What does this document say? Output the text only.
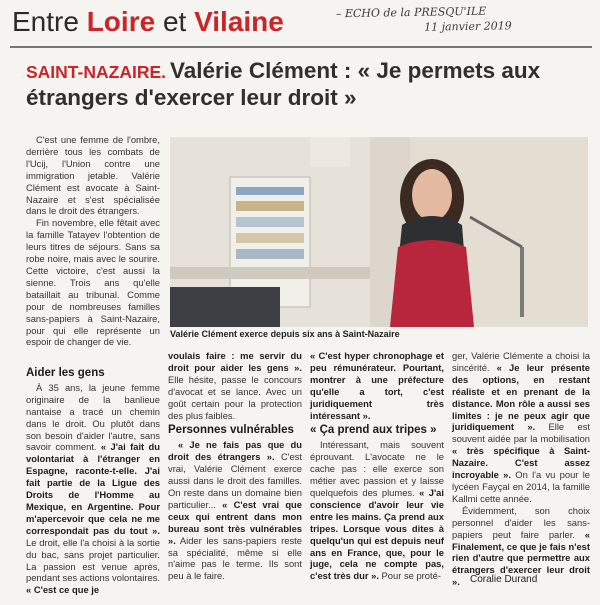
Entre Loire et Vilaine	– ECHO de la PRESQU'ILE
11 janvier 2019
SAINT-NAZAIRE. Valérie Clément : « Je permets aux étrangers d'exercer leur droit »

C'est une femme de l'ombre, derrière tous les combats de l'Ucij, l'Union contre une immigration jetable. Valérie Clément est avocate à Saint-Nazaire et s'est spécialisée dans le droit des étrangers.

Fin novembre, elle fêtait avec la famille Tatayev l'obtention de leurs titres de séjours. Sans sa robe noire, mais avec le sourire. Cette victoire, c'est aussi la sienne. Trois ans qu'elle bataillait au tribunal. Comme pour de nombreuses familles sans-papiers à Saint-Nazaire, pour qui elle représente un espoir de changer de vie.

Valérie Clément exerce depuis six ans à Saint-Nazaire
Aider les gens

À 35 ans, la jeune femme originaire de la banlieue nantaise a tracé un chemin dans le droit. Ou plutôt dans son besoin d'aider l'autre, sans savoir comment. « J'ai fait du volontariat à l'étranger en Espagne, raconte-t-elle. J'ai fait partie de la Ligue des Droits de l'Homme au Mexique, en Argentine. Pour m'apercevoir que cela ne me correspondait pas du tout ». Le droit, elle l'a choisi à la sortie du bac, sans projet particulier. La passion est venue après, pendant ses actions volontaires. « C'est ce que je

voulais faire : me servir du droit pour aider les gens ». Elle hésite, passe le concours d'avocat et se lance. Avec un goût certain pour la protection des plus faibles.

Personnes vulnérables

« Je ne fais pas que du droit des étrangers ». C'est vrai, Valérie Clément exerce aussi dans le droit des familles. On reste dans un domaine bien particulier... « C'est vrai que ceux qui entrent dans mon bureau sont très vulnérables ». Aider les sans-papiers reste sa spécialité, même si elle n'aime pas le terme. Ils sont peu à le faire.

« C'est hyper chronophage et peu rémunérateur. Pourtant, montrer à une préfecture qu'elle a tort, c'est juridiquement très intéressant ».

« Ça prend aux tripes »

Intéressant, mais souvent éprouvant. L'avocate ne le cache pas : elle exerce son métier avec passion et y laisse quelquefois des plumes. « J'ai conscience d'avoir leur vie entre les mains. Ça prend aux tripes. Lorsque vous dites à quelqu'un qui est depuis neuf ans en France, que, pour le juge, cela ne compte pas, c'est très dur ». Pour se proté-

ger, Valérie Clémente a choisi la sincérité. « Je leur présente des options, en restant réaliste et en prenant de la distance. Mon rôle a aussi ses limites : je ne peux agir que juridiquement ». Elle est souvent aidée par la mobilisation « très spécifique à Saint-Nazaire. C'est assez incroyable ». On l'a vu pour le lycéen Fayçal en 2014, la famille Kallmi cette année.

Évidemment, son choix personnel d'aider les sans-papiers peut faire parler. « Finalement, ce que je fais n'est rien d'autre que permettre aux étrangers d'exercer leur droit ».	Coralie Durand
